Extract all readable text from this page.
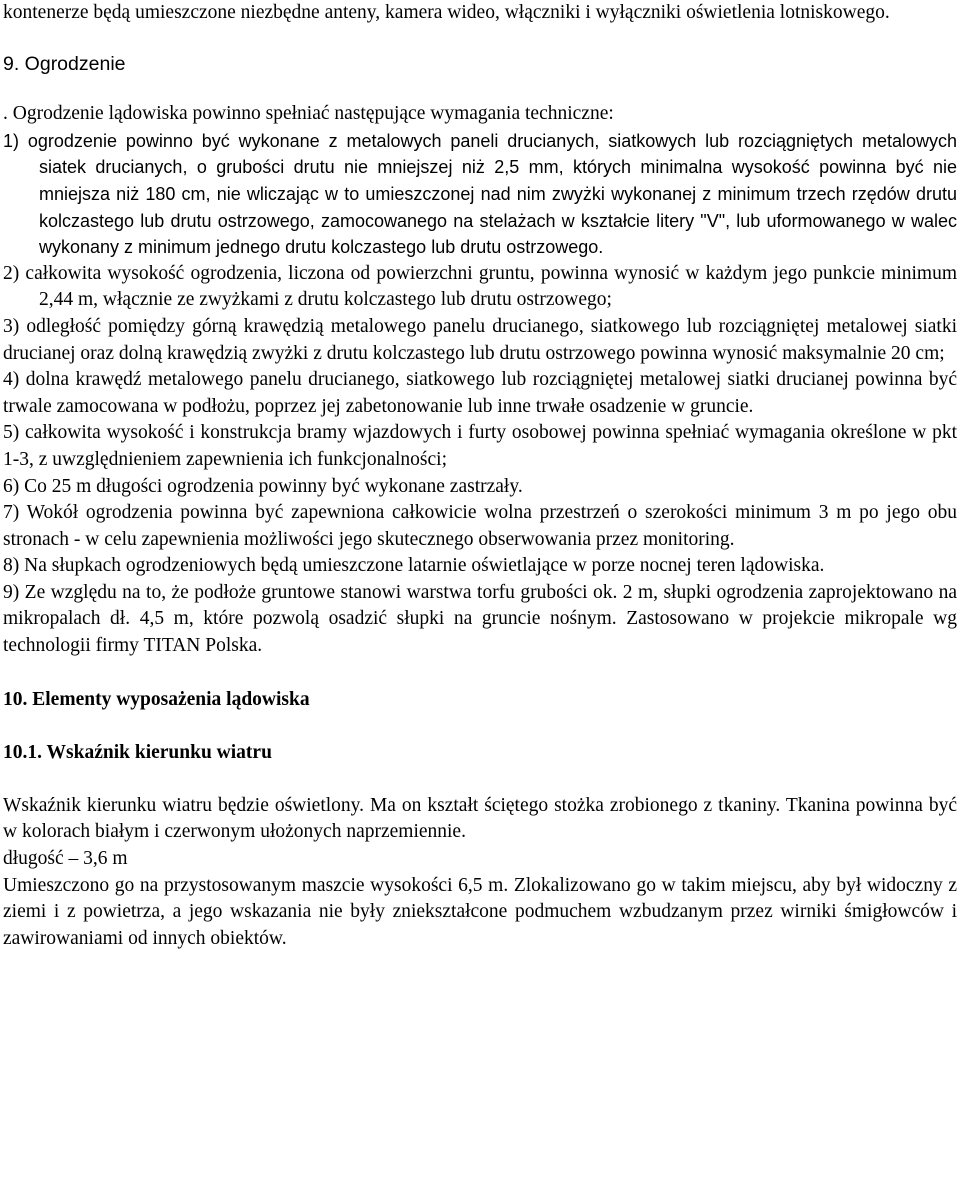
kontenerze będą umieszczone niezbędne anteny, kamera wideo, włączniki i wyłączniki oświetlenia lotniskowego.

9. Ogrodzenie

. Ogrodzenie lądowiska powinno spełniać następujące wymagania techniczne:

1) ogrodzenie powinno być wykonane z metalowych paneli drucianych, siatkowych lub rozciągniętych metalowych siatek drucianych, o grubości drutu nie mniejszej niż 2,5 mm, których minimalna wysokość powinna być nie mniejsza niż 180 cm, nie wliczając w to umieszczonej nad nim zwyżki wykonanej z minimum trzech rzędów drutu kolczastego lub drutu ostrzowego, zamocowanego na stelażach w kształcie litery "V", lub uformowanego w walec wykonany z minimum jednego drutu kolczastego lub drutu ostrzowego.

2) całkowita wysokość ogrodzenia, liczona od powierzchni gruntu, powinna wynosić w każdym jego punkcie minimum 2,44 m, włącznie ze zwyżkami z drutu kolczastego lub drutu ostrzowego;

3) odległość pomiędzy górną krawędzią metalowego panelu drucianego, siatkowego lub rozciągniętej metalowej siatki drucianej oraz dolną krawędzią zwyżki z drutu kolczastego lub drutu ostrzowego powinna wynosić maksymalnie 20 cm;

4) dolna krawędź metalowego panelu drucianego, siatkowego lub rozciągniętej metalowej siatki drucianej powinna być trwale zamocowana w podłożu, poprzez jej zabetonowanie lub inne trwałe osadzenie w gruncie.

5) całkowita wysokość i konstrukcja bramy wjazdowych i furty osobowej powinna spełniać wymagania określone w pkt 1-3, z uwzględnieniem zapewnienia ich funkcjonalności;

6) Co 25 m długości ogrodzenia powinny być wykonane zastrzały.

7) Wokół ogrodzenia powinna być zapewniona całkowicie wolna przestrzeń o szerokości minimum 3 m po jego obu stronach - w celu zapewnienia możliwości jego skutecznego obserwowania przez monitoring.

8) Na słupkach ogrodzeniowych będą umieszczone latarnie oświetlające w porze nocnej teren lądowiska.

9) Ze względu na to, że podłoże gruntowe stanowi warstwa torfu grubości ok. 2 m, słupki ogrodzenia zaprojektowano na mikropalach dł. 4,5 m, które pozwolą osadzić słupki na gruncie nośnym. Zastosowano w projekcie mikropale wg technologii firmy TITAN Polska.

10. Elementy wyposażenia lądowiska

10.1. Wskaźnik kierunku wiatru

Wskaźnik kierunku wiatru będzie oświetlony. Ma on kształt ściętego stożka zrobionego z tkaniny. Tkanina powinna być w kolorach białym i czerwonym ułożonych naprzemiennie.

długość – 3,6 m

Umieszczono go na przystosowanym maszcie wysokości 6,5 m. Zlokalizowano go w takim miejscu, aby był widoczny z ziemi i z powietrza, a jego wskazania nie były zniekształcone podmuchem wzbudzanym przez wirniki śmigłowców i zawirowaniami od innych obiektów.
